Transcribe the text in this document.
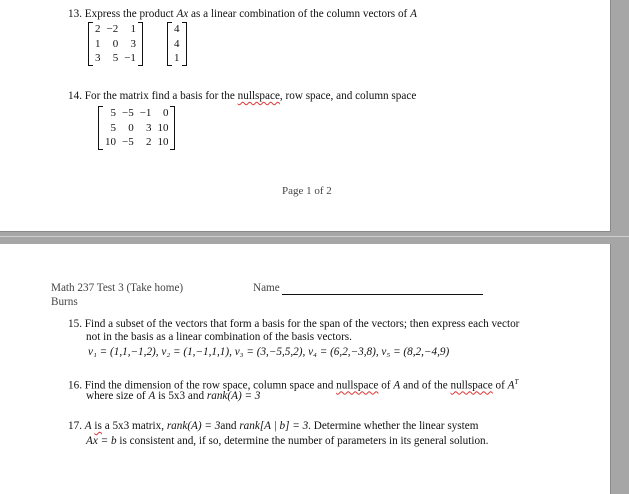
13. Express the product Ax as a linear combination of the column vectors of A
2	−2	1
1	0	3
3	5	−1
4
4
1
14. For the matrix find a basis for the nullspace, row space, and column space
5	−5	−1	0
5	0	3	10
10	−5	2	10
Page 1 of 2
Math 237 Test 3 (Take home)
Burns
Name
15. Find a subset of the vectors that form a basis for the span of the vectors; then express each vector
not in the basis as a linear combination of the basis vectors.
v₁ = (1,1,−1,2), v₂ = (1,−1,1,1), v₃ = (3,−5,5,2), v₄ = (6,2,−3,8), v₅ = (8,2,−4,9)
16. Find the dimension of the row space, column space and nullspace of A and of the nullspace of $A^T$
where size of A is 5x3 and rank(A) = 3
17. A is a 5x3 matrix, rank(A) = 3and rank[A | b] = 3. Determine whether the linear system
Ax = b is consistent and, if so, determine the number of parameters in its general solution.
